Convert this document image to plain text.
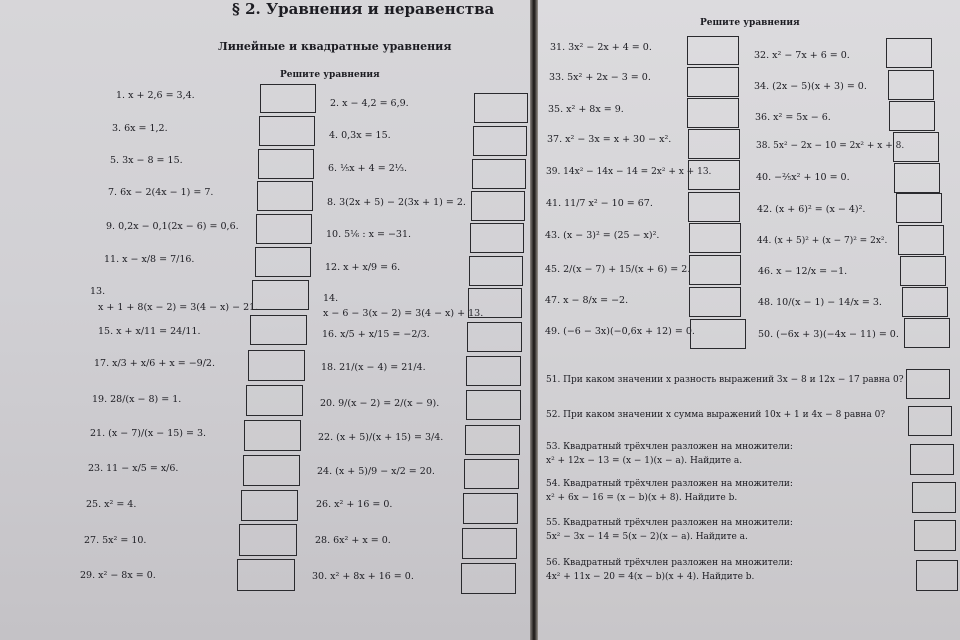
§ 2. Уравнения и неравенства
Линейные и квадратные уравнения
Решите уравнения
Решите уравнения
1. x + 2,6 = 3,4.
3. 6x = 1,2.
5. 3x − 8 = 15.
7. 6x − 2(4x − 1) = 7.
9. 0,2x − 0,1(2x − 6) = 0,6.
11. x − x/8 = 7/16.
13.
x + 1 + 8(x − 2) = 3(4 − x) − 21.
15. x + x/11 = 24/11.
17. x/3 + x/6 + x = −9/2.
19. 28/(x − 8) = 1.
21. (x − 7)/(x − 15) = 3.
23. 11 − x/5 = x/6.
25. x² = 4.
27. 5x² = 10.
29. x² − 8x = 0.
2. x − 4,2 = 6,9.
4. 0,3x = 15.
6. ⅕x + 4 = 2⅓.
8. 3(2x + 5) − 2(3x + 1) = 2.
10. 5⅙ : x = −31.
12. x + x/9 = 6.
14.
x − 6 − 3(x − 2) = 3(4 − x) + 13.
16. x/5 + x/15 = −2/3.
18. 21/(x − 4) = 21/4.
20. 9/(x − 2) = 2/(x − 9).
22. (x + 5)/(x + 15) = 3/4.
24. (x + 5)/9 − x/2 = 20.
26. x² + 16 = 0.
28. 6x² + x = 0.
30. x² + 8x + 16 = 0.
31. 3x² − 2x + 4 = 0.
33. 5x² + 2x − 3 = 0.
35. x² + 8x = 9.
37. x² − 3x = x + 30 − x².
39. 14x² − 14x − 14 = 2x² + x + 13.
41. 11/7 x² − 10 = 67.
43. (x − 3)² = (25 − x)².
45. 2/(x − 7) + 15/(x + 6) = 2.
47. x − 8/x = −2.
49. (−6 − 3x)(−0,6x + 12) = 0.
32. x² − 7x + 6 = 0.
34. (2x − 5)(x + 3) = 0.
36. x² = 5x − 6.
38. 5x² − 2x − 10 = 2x² + x + 8.
40. −⅖x² + 10 = 0.
42. (x + 6)² = (x − 4)².
44. (x + 5)² + (x − 7)² = 2x².
46. x − 12/x = −1.
48. 10/(x − 1) − 14/x = 3.
50. (−6x + 3)(−4x − 11) = 0.
51. При каком значении x разность выражений 3x − 8 и 12x − 17 равна 0?
52. При каком значении x сумма выражений 10x + 1 и 4x − 8 равна 0?
53. Квадратный трёхчлен разложен на множители:
x² + 12x − 13 = (x − 1)(x − a). Найдите a.
54. Квадратный трёхчлен разложен на множители:
x² + 6x − 16 = (x − b)(x + 8). Найдите b.
55. Квадратный трёхчлен разложен на множители:
5x² − 3x − 14 = 5(x − 2)(x − a). Найдите a.
56. Квадратный трёхчлен разложен на множители:
4x² + 11x − 20 = 4(x − b)(x + 4). Найдите b.
